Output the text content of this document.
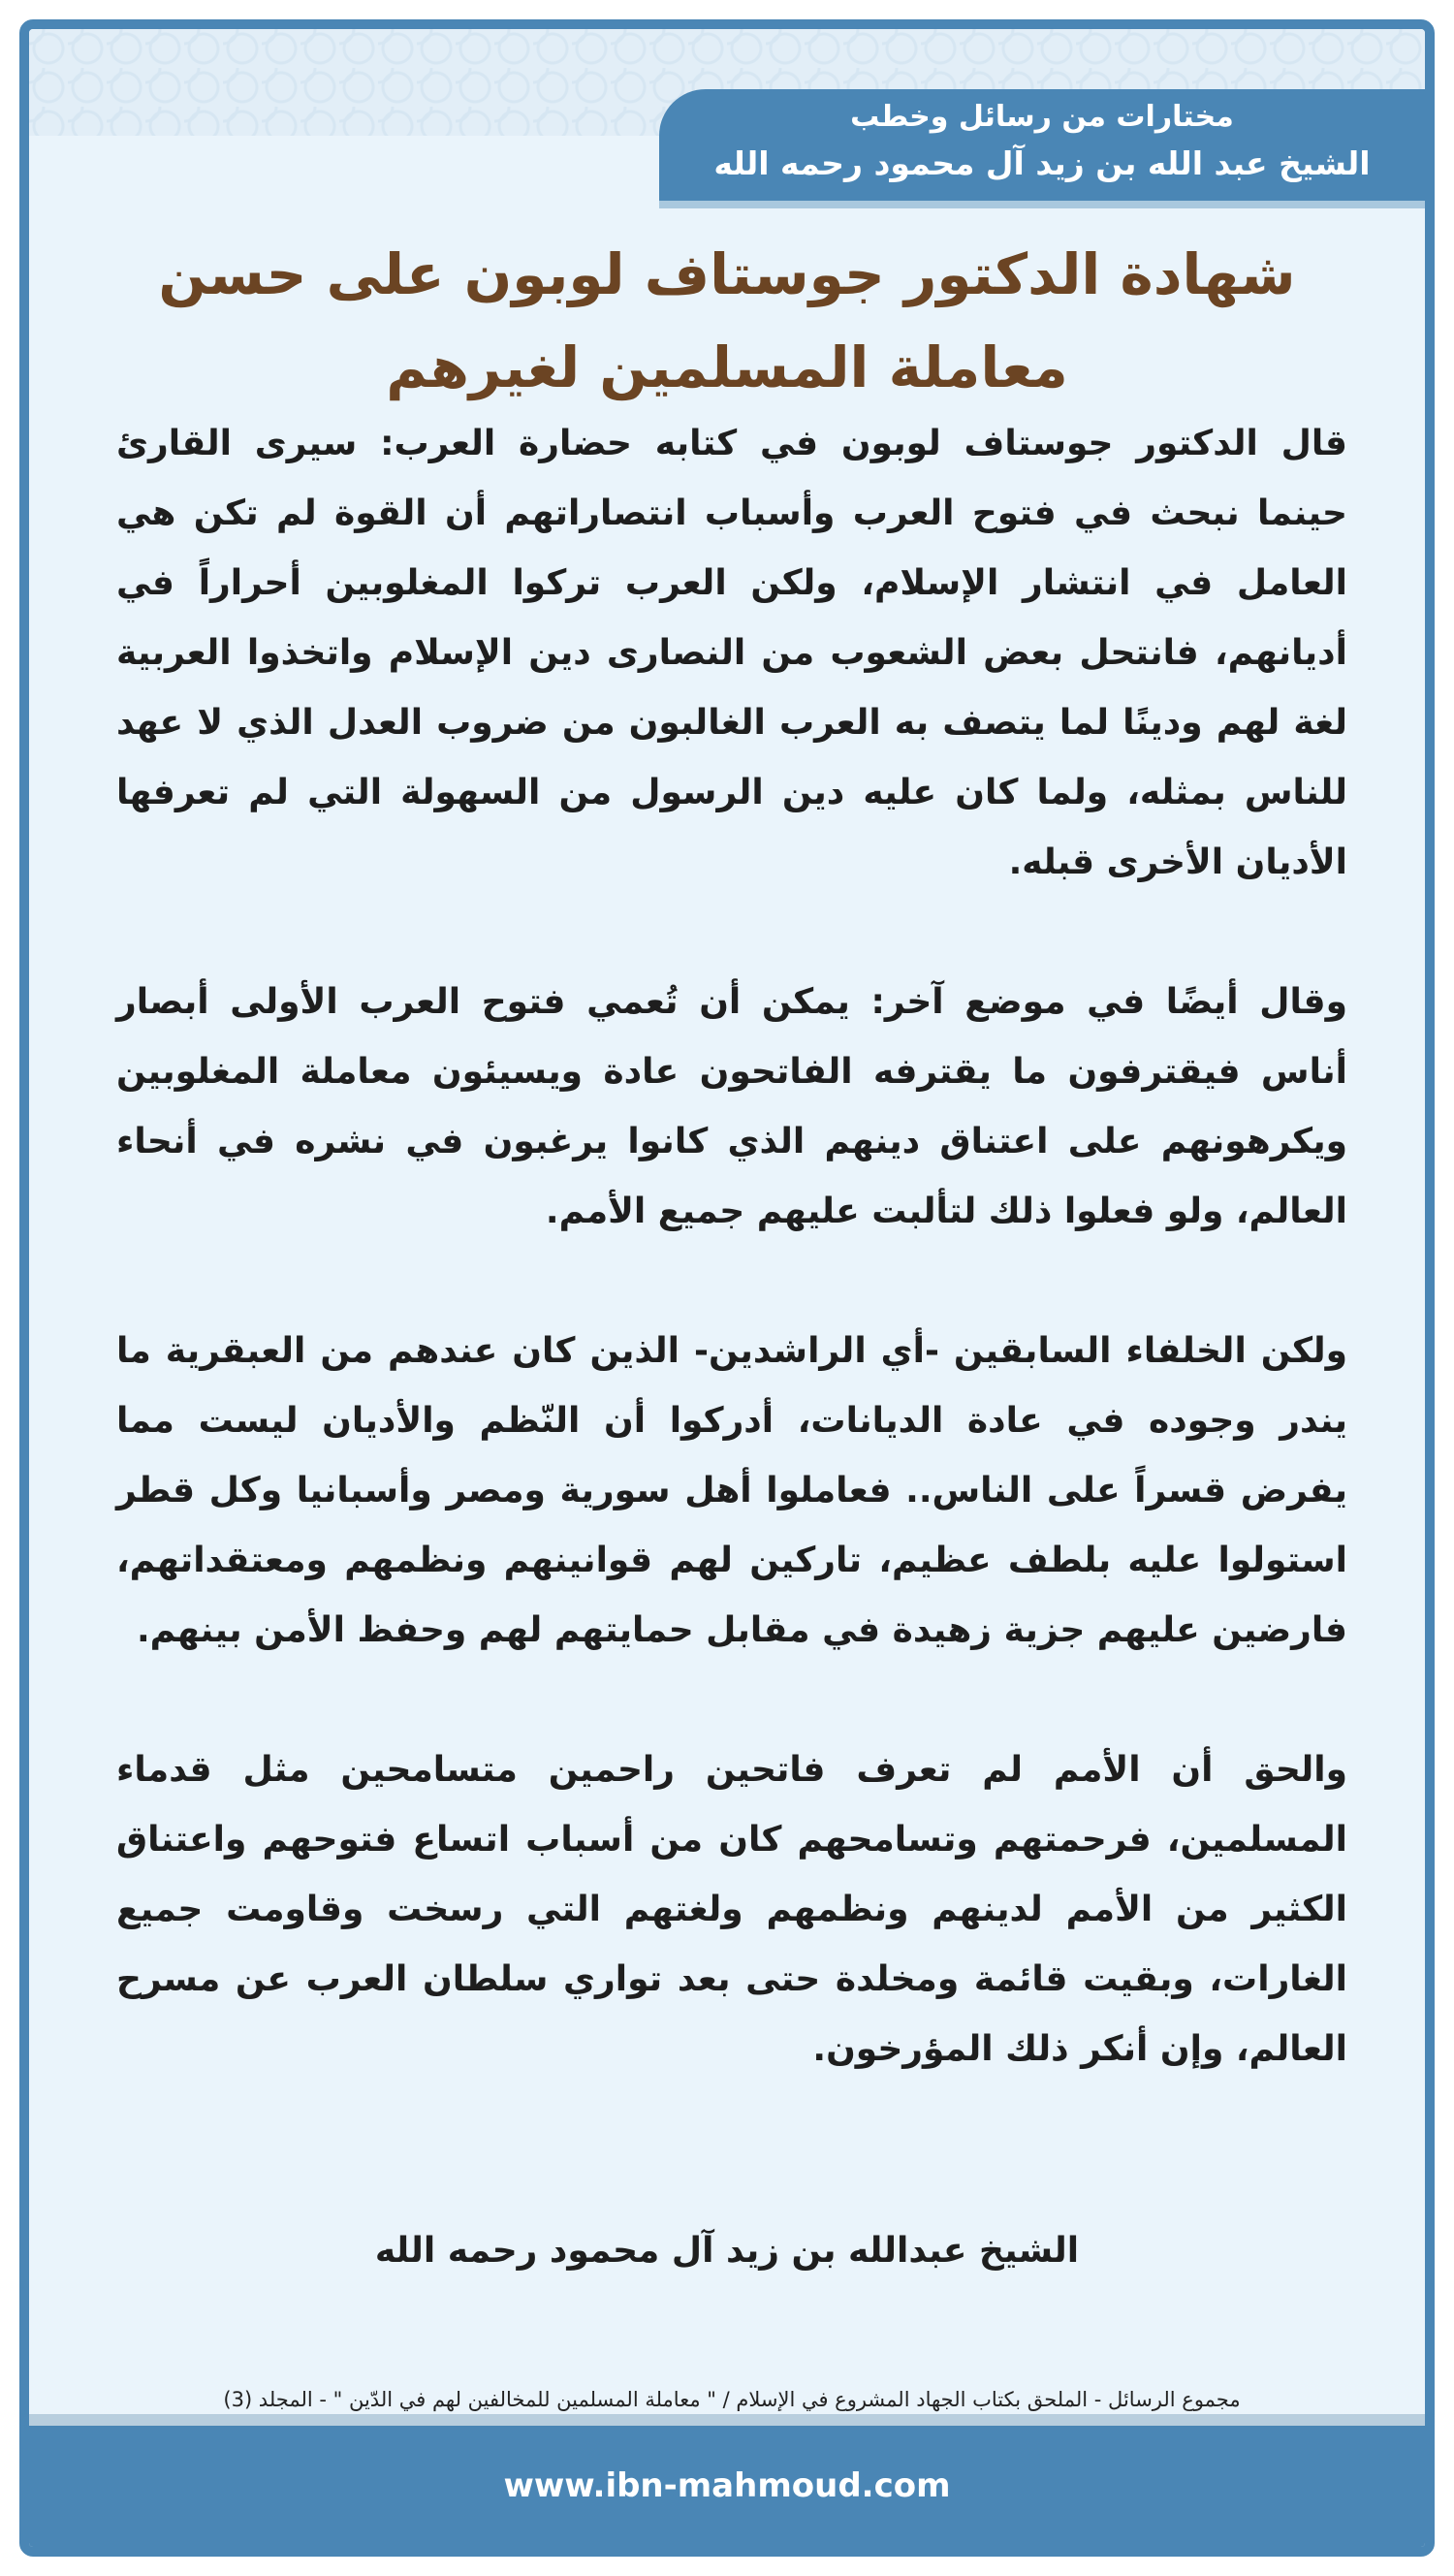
مختارات من رسائل وخطب
الشيخ عبد الله بن زيد آل محمود رحمه الله
شهادة الدكتور جوستاف لوبون على حسن
معاملة المسلمين لغيرهم

قال الدكتور جوستاف لوبون في كتابه حضارة العرب: سيرى القارئ حينما نبحث في فتوح العرب وأسباب انتصاراتهم أن القوة لم تكن هي العامل في انتشار الإسلام، ولكن العرب تركوا المغلوبين أحراراً في أديانهم، فانتحل بعض الشعوب من النصارى دين الإسلام واتخذوا العربية لغة لهم ودينًا لما يتصف به العرب الغالبون من ضروب العدل الذي لا عهد للناس بمثله، ولما كان عليه دين الرسول من السهولة التي لم تعرفها الأديان الأخرى قبله.

وقال أيضًا في موضع آخر: يمكن أن تُعمي فتوح العرب الأولى أبصار أناس فيقترفون ما يقترفه الفاتحون عادة ويسيئون معاملة المغلوبين ويكرهونهم على اعتناق دينهم الذي كانوا يرغبون في نشره في أنحاء العالم، ولو فعلوا ذلك لتألبت عليهم جميع الأمم.

ولكن الخلفاء السابقين -أي الراشدين- الذين كان عندهم من العبقرية ما يندر وجوده في عادة الديانات، أدركوا أن النّظم والأديان ليست مما يفرض قسراً على الناس.. فعاملوا أهل سورية ومصر وأسبانيا وكل قطر استولوا عليه بلطف عظيم، تاركين لهم قوانينهم ونظمهم ومعتقداتهم، فارضين عليهم جزية زهيدة في مقابل حمايتهم لهم وحفظ الأمن بينهم.

والحق أن الأمم لم تعرف فاتحين راحمين متسامحين مثل قدماء المسلمين، فرحمتهم وتسامحهم كان من أسباب اتساع فتوحهم واعتناق الكثير من الأمم لدينهم ونظمهم ولغتهم التي رسخت وقاومت جميع الغارات، وبقيت قائمة ومخلدة حتى بعد تواري سلطان العرب عن مسرح العالم، وإن أنكر ذلك المؤرخون.

الشيخ عبدالله بن زيد آل محمود رحمه الله
مجموع الرسائل - الملحق بكتاب الجهاد المشروع في الإسلام / " معاملة المسلمين للمخالفين لهم في الدّين " - المجلد (3)
www.ibn-mahmoud.com
